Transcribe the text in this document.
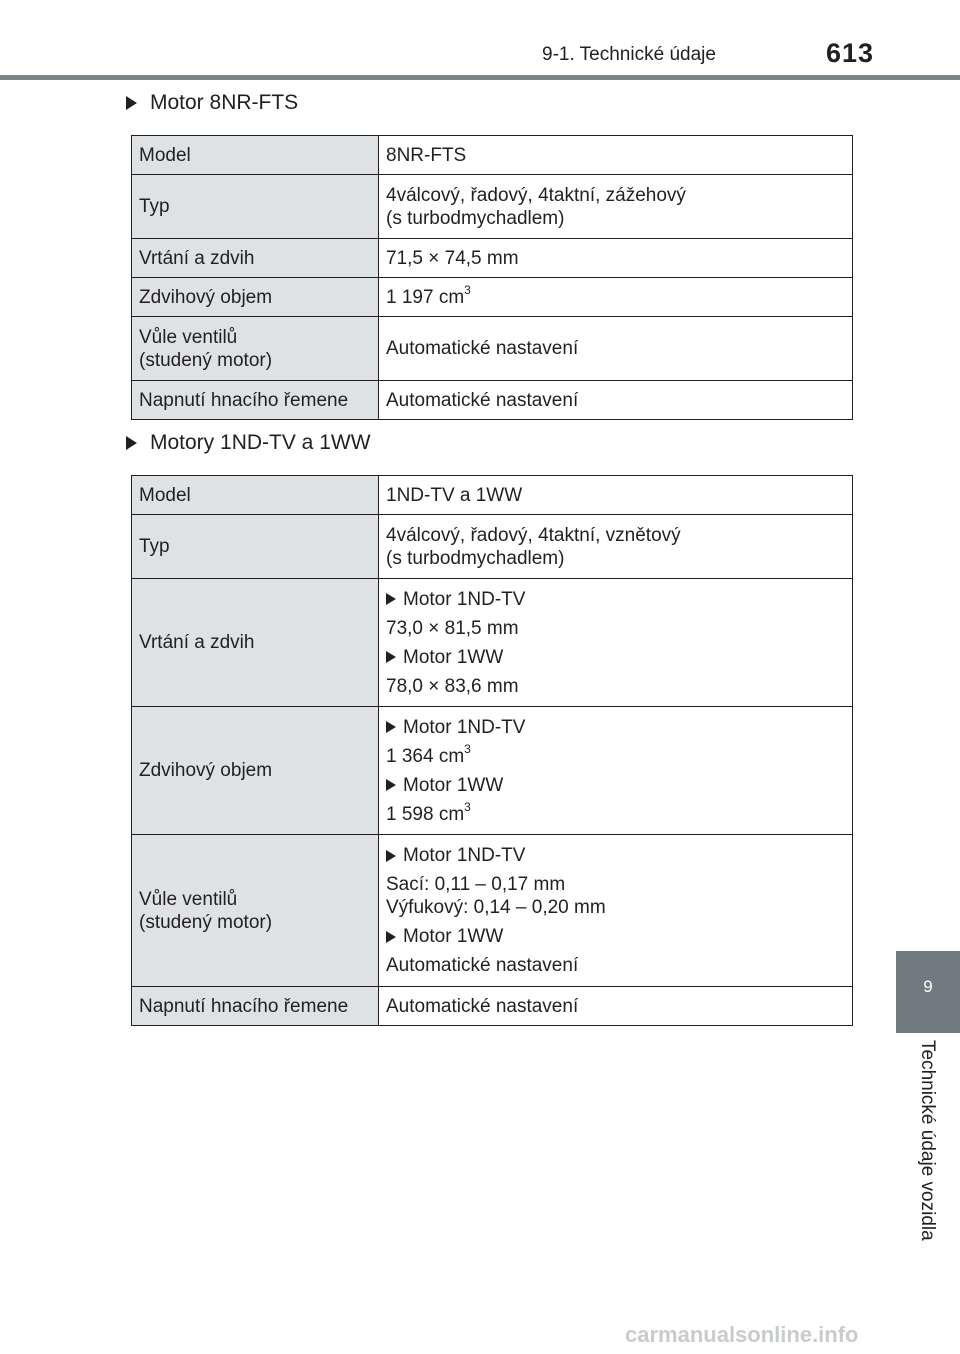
9-1. Technické údaje	613
9
Technické údaje vozidla
Motor 8NR-FTS
Model	8NR-FTS
Typ	4válcový, řadový, 4taktní, zážehový
(s turbodmychadlem)
Vrtání a zdvih	71,5 × 74,5 mm
Zdvihový objem	1 197 $cm^3$
Vůle ventilů
(studený motor)	Automatické nastavení
Napnutí hnacího řemene	Automatické nastavení
Motory 1ND-TV a 1WW
Model	1ND-TV a 1WW
Typ	4válcový, řadový, 4taktní, vznětový
(s turbodmychadlem)
Vrtání a zdvih	Motor 1ND-TV
73,0 × 81,5 mm
Motor 1WW
78,0 × 83,6 mm

Zdvihový objem	Motor 1ND-TV
1 364 $cm^3$
Motor 1WW
1 598 $cm^3$

Vůle ventilů
(studený motor)	Motor 1ND-TV
Sací: 0,11 – 0,17 mm
Výfukový: 0,14 – 0,20 mm
Motor 1WW
Automatické nastavení

Napnutí hnacího řemene	Automatické nastavení
carmanualsonline.info
